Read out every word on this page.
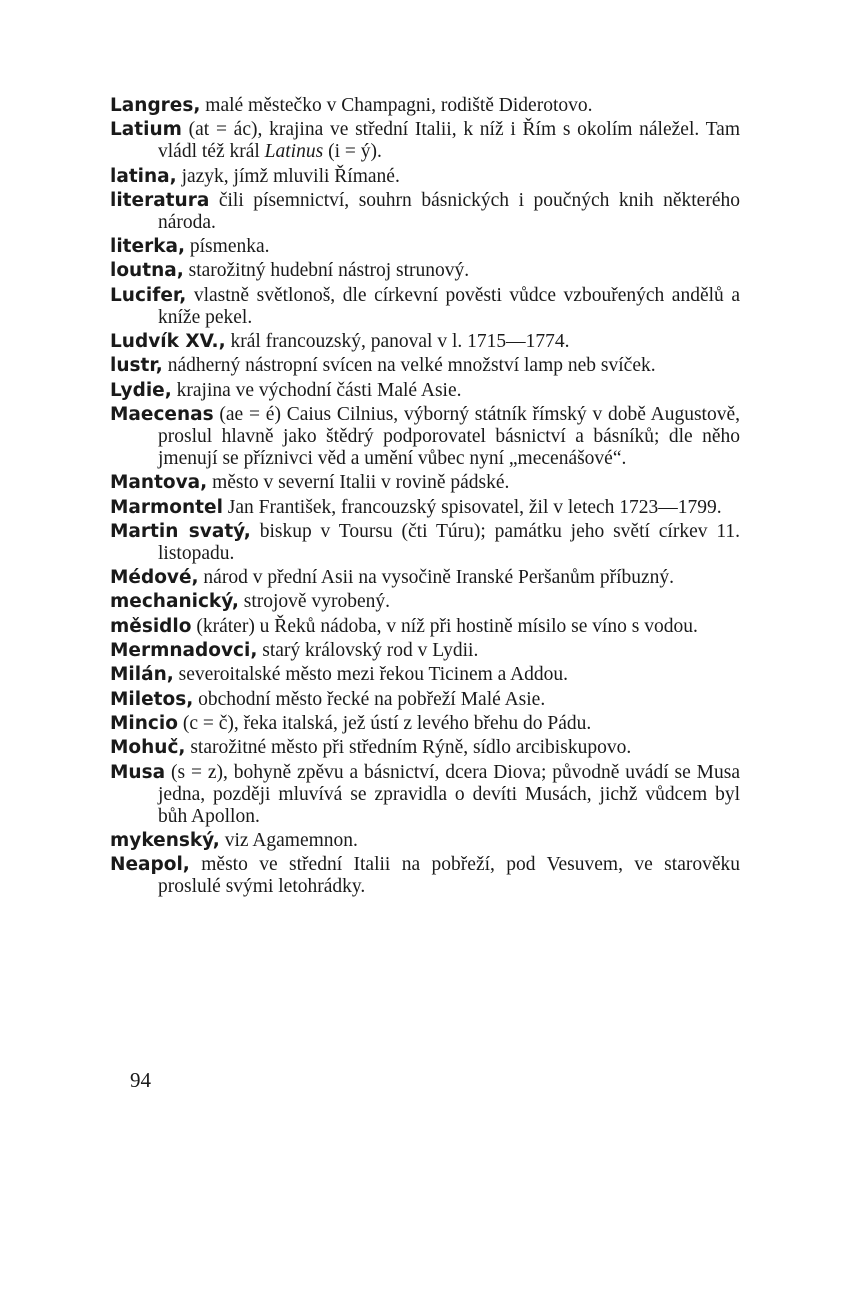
Langres, malé městečko v Champagni, rodiště Diderotovo.

Latium (at = ác), krajina ve střední Italii, k níž i Řím s okolím náležel. Tam vládl též král Latinus (i = ý).

latina, jazyk, jímž mluvili Římané.

literatura čili písemnictví, souhrn básnických i poučných knih některého národa.

literka, písmenka.

loutna, starožitný hudební nástroj strunový.

Lucifer, vlastně světlonoš, dle církevní pověsti vůdce vzbouřených andělů a kníže pekel.

Ludvík XV., král francouzský, panoval v l. 1715—1774.

lustr, nádherný nástropní svícen na velké množství lamp neb svíček.

Lydie, krajina ve východní části Malé Asie.

Maecenas (ae = é) Caius Cilnius, výborný státník římský v době Augustově, proslul hlavně jako štědrý podporovatel básnictví a básníků; dle něho jmenují se příznivci věd a umění vůbec nyní „mecenášové“.

Mantova, město v severní Italii v rovině pádské.

Marmontel Jan František, francouzský spisovatel, žil v letech 1723—1799.

Martin svatý, biskup v Toursu (čti Túru); památku jeho světí církev 11. listopadu.

Médové, národ v přední Asii na vysočině Iranské Peršanům příbuzný.

mechanický, strojově vyrobený.

měsidlo (kráter) u Řeků nádoba, v níž při hostině mísilo se víno s vodou.

Mermnadovci, starý královský rod v Lydii.

Milán, severoitalské město mezi řekou Ticinem a Addou.

Miletos, obchodní město řecké na pobřeží Malé Asie.

Mincio (c = č), řeka italská, jež ústí z levého břehu do Pádu.

Mohuč, starožitné město při středním Rýně, sídlo arcibiskupovo.

Musa (s = z), bohyně zpěvu a básnictví, dcera Diova; původně uvádí se Musa jedna, později mluvívá se zpravidla o devíti Musách, jichž vůdcem byl bůh Apollon.

mykenský, viz Agamemnon.

Neapol, město ve střední Italii na pobřeží, pod Vesuvem, ve starověku proslulé svými letohrádky.

94
